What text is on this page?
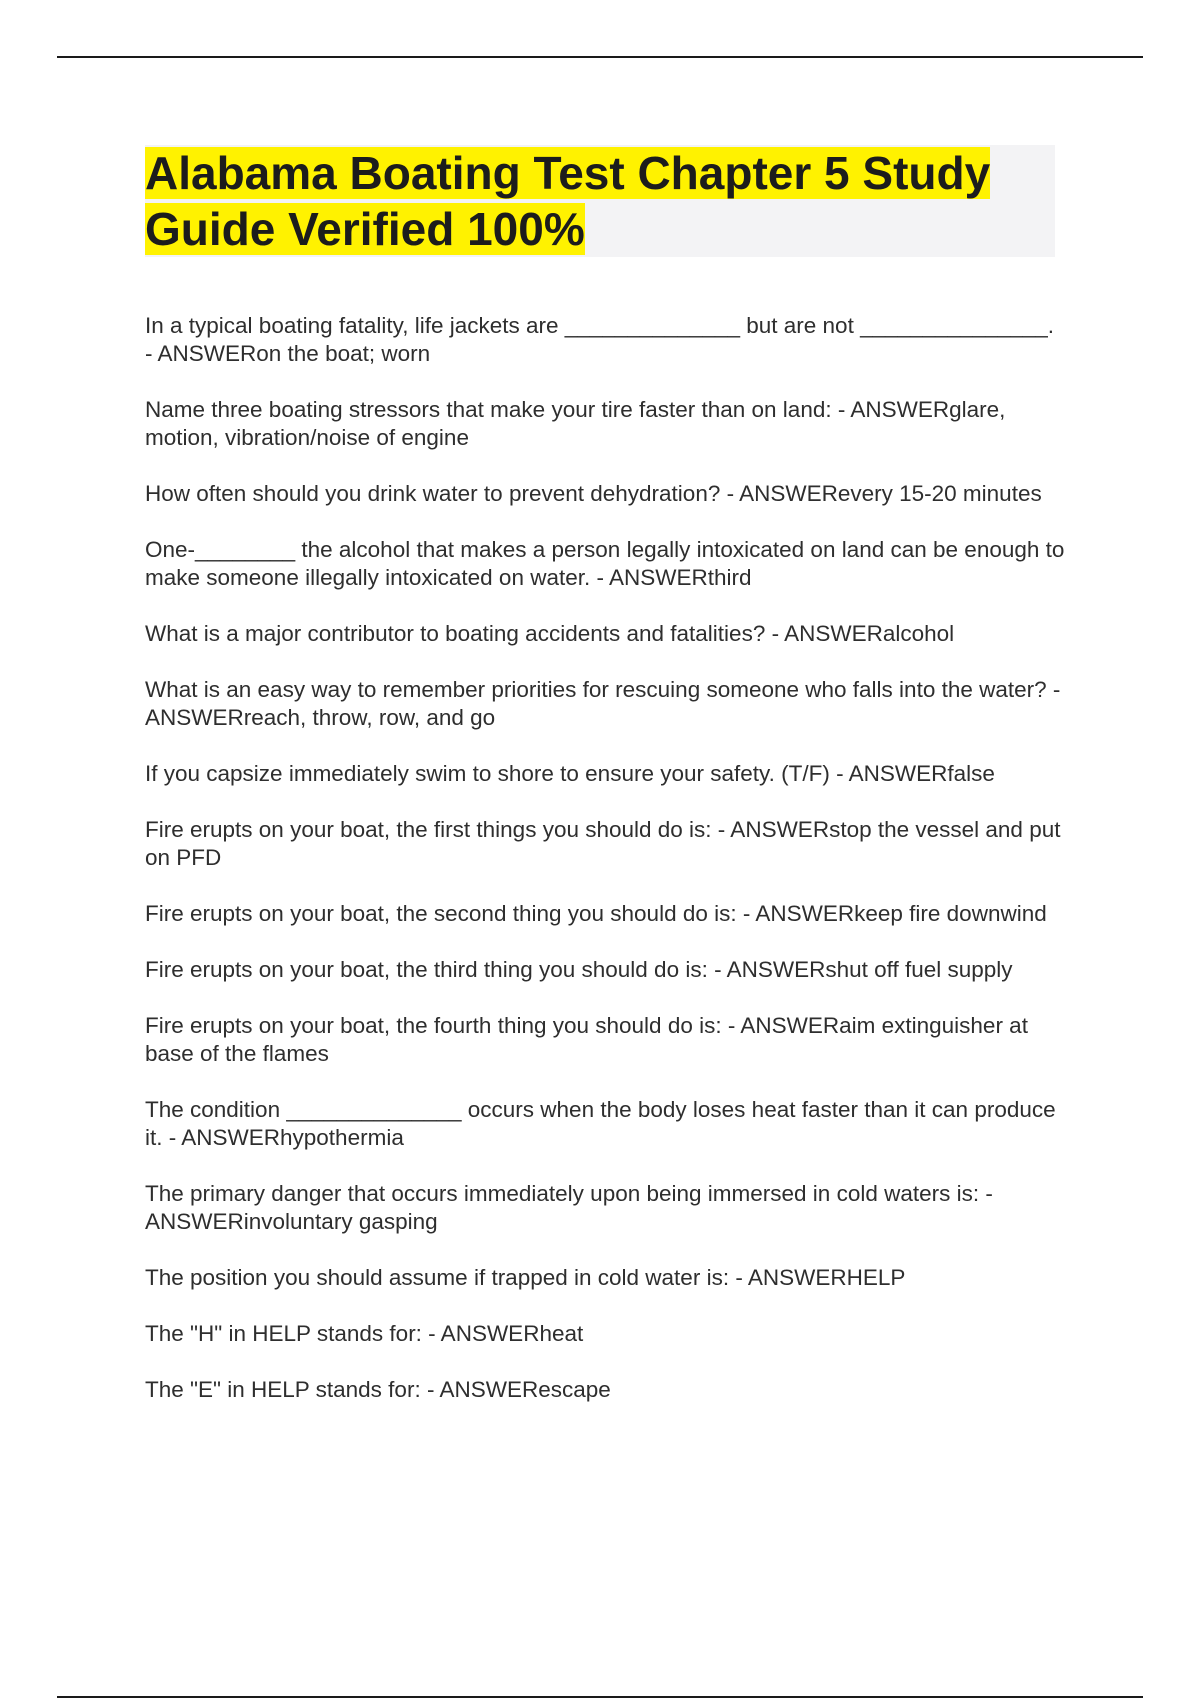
Alabama Boating Test Chapter 5 Study Guide Verified 100%
In a typical boating fatality, life jackets are ______________ but are not _______________. - ANSWERon the boat; worn
Name three boating stressors that make your tire faster than on land: - ANSWERglare, motion, vibration/noise of engine
How often should you drink water to prevent dehydration? - ANSWERevery 15-20 minutes
One-________ the alcohol that makes a person legally intoxicated on land can be enough to make someone illegally intoxicated on water. - ANSWERthird
What is a major contributor to boating accidents and fatalities? - ANSWERalcohol
What is an easy way to remember priorities for rescuing someone who falls into the water? - ANSWERreach, throw, row, and go
If you capsize immediately swim to shore to ensure your safety. (T/F) - ANSWERfalse
Fire erupts on your boat, the first things you should do is: - ANSWERstop the vessel and put on PFD
Fire erupts on your boat, the second thing you should do is: - ANSWERkeep fire downwind
Fire erupts on your boat, the third thing you should do is: - ANSWERshut off fuel supply
Fire erupts on your boat, the fourth thing you should do is: - ANSWERaim extinguisher at base of the flames
The condition ______________ occurs when the body loses heat faster than it can produce it. - ANSWERhypothermia
The primary danger that occurs immediately upon being immersed in cold waters is: - ANSWERinvoluntary gasping
The position you should assume if trapped in cold water is: - ANSWERHELP
The "H" in HELP stands for: - ANSWERheat
The "E" in HELP stands for: - ANSWERescape
